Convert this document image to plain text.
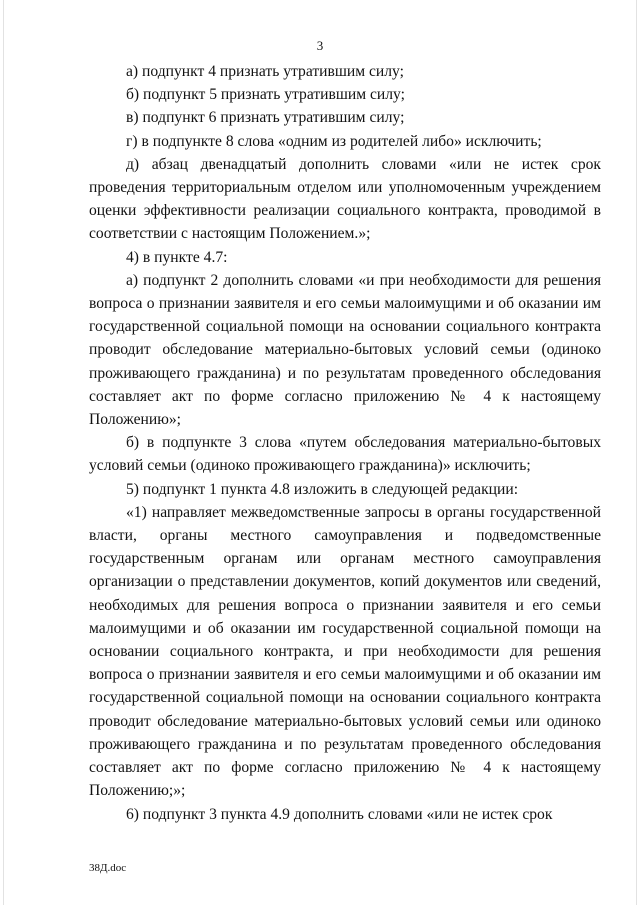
3

а) подпункт 4 признать утратившим силу;

б) подпункт 5 признать утратившим силу;

в) подпункт 6 признать утратившим силу;

г) в подпункте 8 слова «одним из родителей либо» исключить;

д) абзац двенадцатый дополнить словами «или не истек срок проведения территориальным отделом или уполномоченным учреждением оценки эффективности реализации социального контракта, проводимой в соответствии с настоящим Положением.»;

4) в пункте 4.7:

а) подпункт 2 дополнить словами «и при необходимости для решения вопроса о признании заявителя и его семьи малоимущими и об оказании им государственной социальной помощи на основании социального контракта проводит обследование материально-бытовых условий семьи (одиноко проживающего гражданина) и по результатам проведенного обследования составляет акт по форме согласно приложению № 4 к настоящему Положению»;

б) в подпункте 3 слова «путем обследования материально-бытовых условий семьи (одиноко проживающего гражданина)» исключить;

5) подпункт 1 пункта 4.8 изложить в следующей редакции:

«1) направляет межведомственные запросы в органы государственной власти, органы местного самоуправления и подведомственные государственным органам или органам местного самоуправления организации о представлении документов, копий документов или сведений, необходимых для решения вопроса о признании заявителя и его семьи малоимущими и об оказании им государственной социальной помощи на основании социального контракта, и при необходимости для решения вопроса о признании заявителя и его семьи малоимущими и об оказании им государственной социальной помощи на основании социального контракта проводит обследование материально-бытовых условий семьи или одиноко проживающего гражданина и по результатам проведенного обследования составляет акт по форме согласно приложению № 4 к настоящему Положению;»;

6) подпункт 3 пункта 4.9 дополнить словами «или не истек срок

38Д.doc
